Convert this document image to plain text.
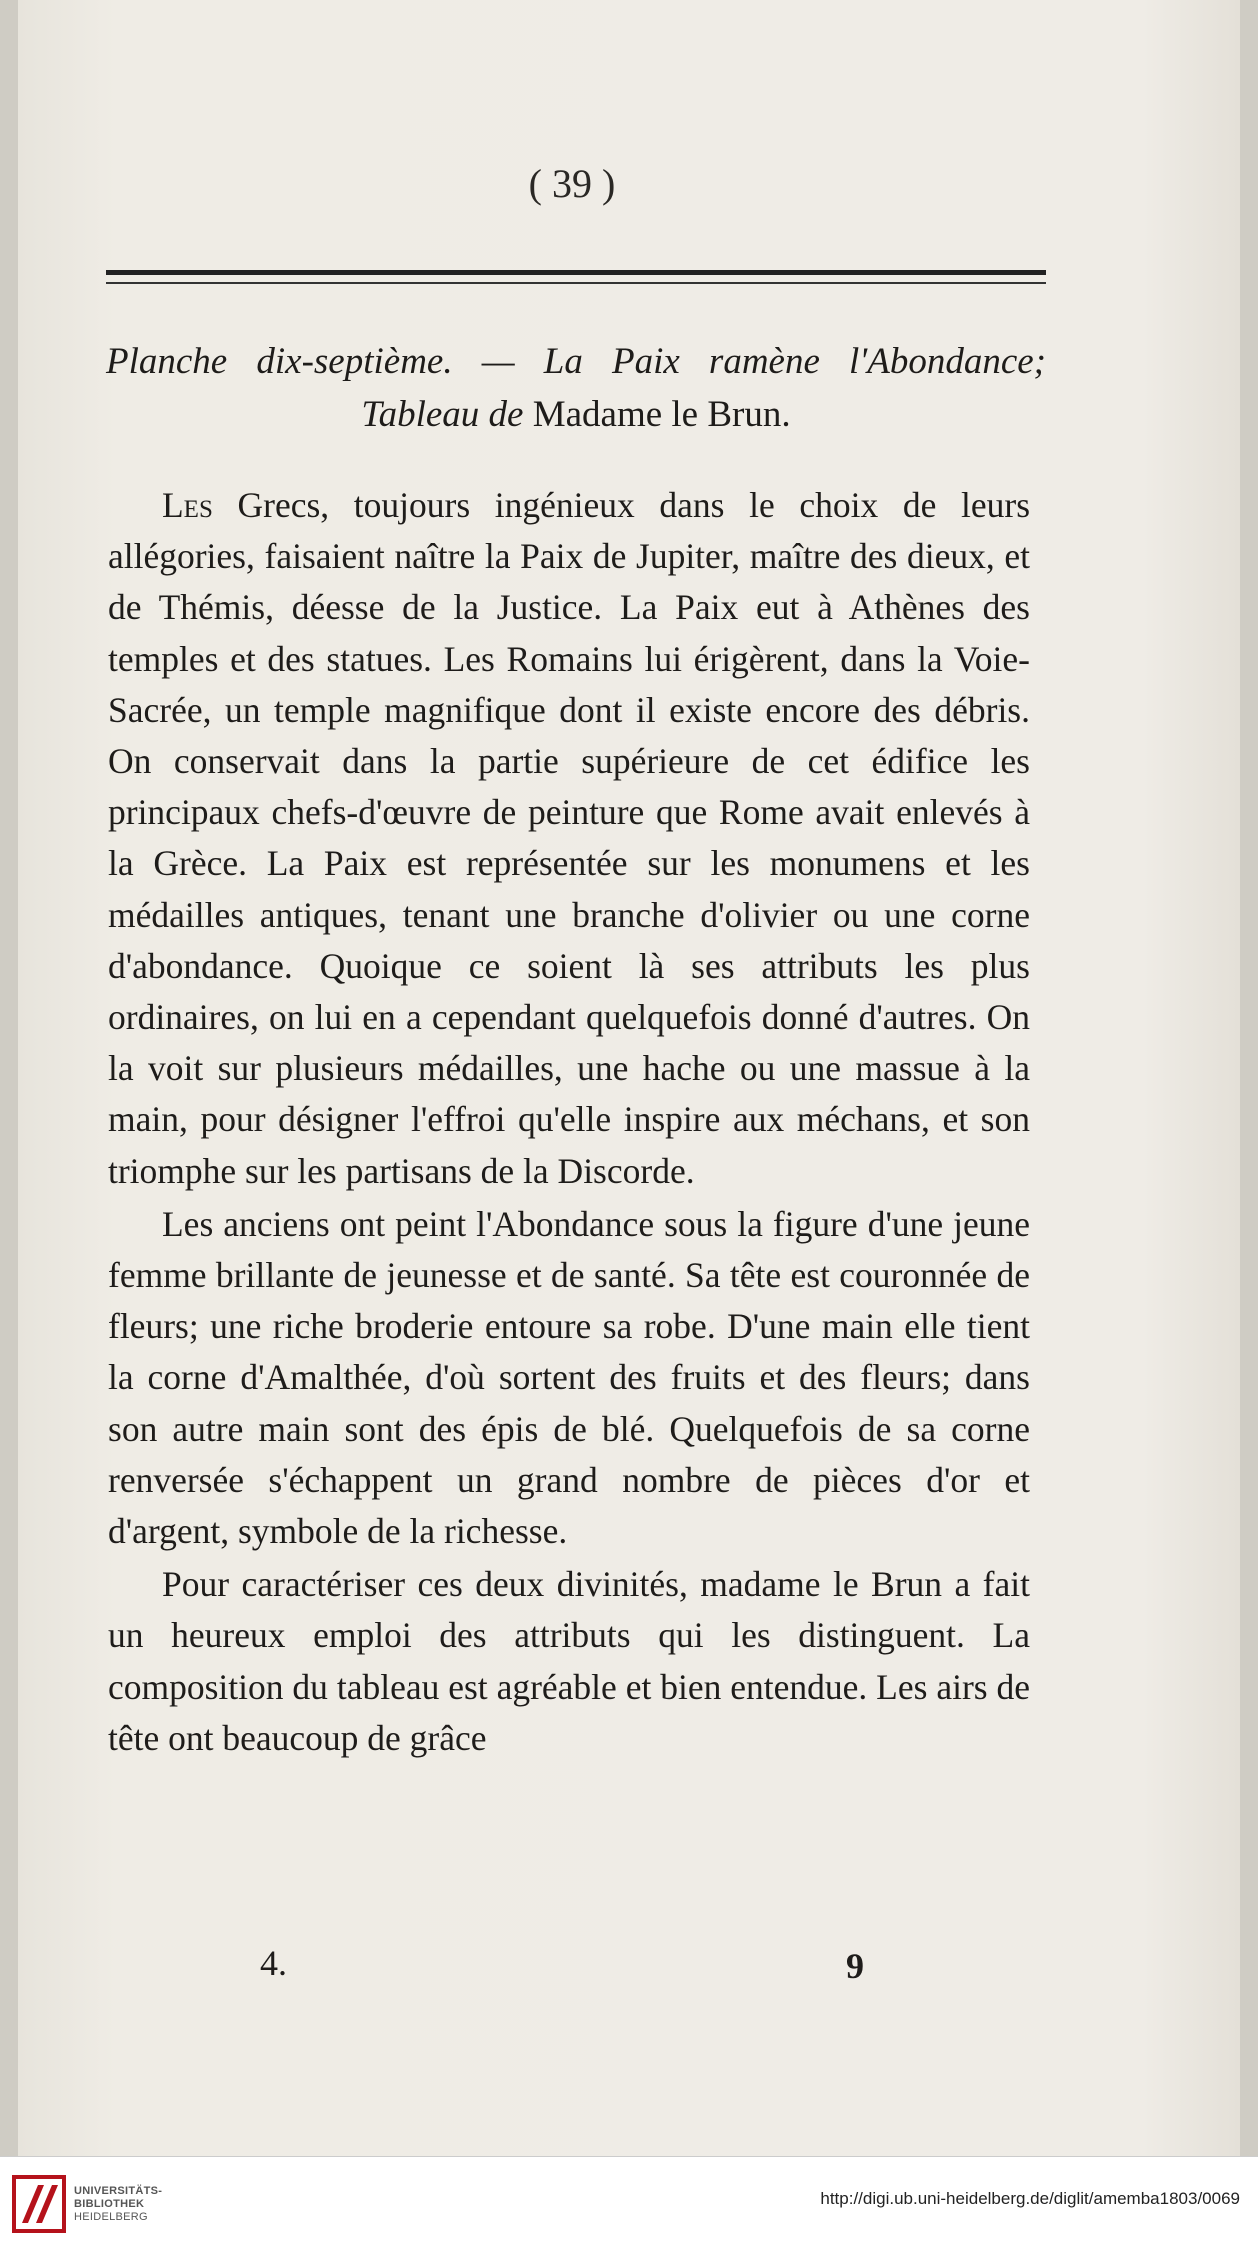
( 39 )
Planche dix-septième. — La Paix ramène l'Abondance;
Tableau de Madame le Brun.

Les Grecs, toujours ingénieux dans le choix de leurs allégories, faisaient naître la Paix de Jupiter, maître des dieux, et de Thémis, déesse de la Justice. La Paix eut à Athènes des temples et des statues. Les Romains lui érigèrent, dans la Voie-Sacrée, un temple magnifique dont il existe encore des débris. On conservait dans la partie supérieure de cet édifice les principaux chefs-d'œuvre de peinture que Rome avait enlevés à la Grèce. La Paix est représentée sur les monumens et les médailles antiques, tenant une branche d'olivier ou une corne d'abondance. Quoique ce soient là ses attributs les plus ordinaires, on lui en a cependant quelquefois donné d'autres. On la voit sur plusieurs médailles, une hache ou une massue à la main, pour désigner l'effroi qu'elle inspire aux méchans, et son triomphe sur les partisans de la Discorde.

Les anciens ont peint l'Abondance sous la figure d'une jeune femme brillante de jeunesse et de santé. Sa tête est couronnée de fleurs; une riche broderie entoure sa robe. D'une main elle tient la corne d'Amalthée, d'où sortent des fruits et des fleurs; dans son autre main sont des épis de blé. Quelquefois de sa corne renversée s'échappent un grand nombre de pièces d'or et d'argent, symbole de la richesse.

Pour caractériser ces deux divinités, madame le Brun a fait un heureux emploi des attributs qui les distinguent. La composition du tableau est agréable et bien entendue. Les airs de tête ont beaucoup de grâce

4.	9
UNIVERSITÄTS-
BIBLIOTHEK
HEIDELBERG
http://digi.ub.uni-heidelberg.de/diglit/amemba1803/0069
